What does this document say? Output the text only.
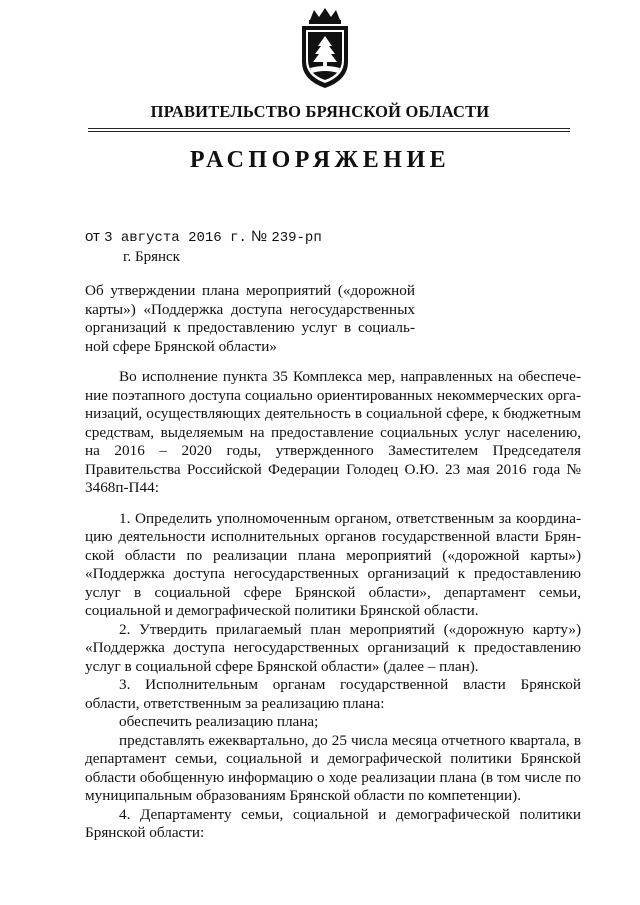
ПРАВИТЕЛЬСТВО БРЯНСКОЙ ОБЛАСТИ
РАСПОРЯЖЕНИЕ
от 3 августа 2016 г. № 239-рп
г. Брянск
Об утверждении плана мероприятий («дорожной карты») «Поддержка доступа негосударственных организаций к предоставлению услуг в социальной сфере Брянской области»

Во исполнение пункта 35 Комплекса мер, направленных на обеспечение поэтапного доступа социально ориентированных некоммерческих организаций, осуществляющих деятельность в социальной сфере, к бюджетным средствам, выделяемым на предоставление социальных услуг населению, на 2016 – 2020 годы, утвержденного Заместителем Председателя Правительства Российской Федерации Голодец О.Ю. 23 мая 2016 года № 3468п-П44:

1. Определить уполномоченным органом, ответственным за координацию деятельности исполнительных органов государственной власти Брянской области по реализации плана мероприятий («дорожной карты») «Поддержка доступа негосударственных организаций к предоставлению услуг в социальной сфере Брянской области», департамент семьи, социальной и демографической политики Брянской области.

2. Утвердить прилагаемый план мероприятий («дорожную карту») «Поддержка доступа негосударственных организаций к предоставлению услуг в социальной сфере Брянской области» (далее – план).

3. Исполнительным органам государственной власти Брянской области, ответственным за реализацию плана:

обеспечить реализацию плана;

представлять ежеквартально, до 25 числа месяца отчетного квартала, в департамент семьи, социальной и демографической политики Брянской области обобщенную информацию о ходе реализации плана (в том числе по муниципальным образованиям Брянской области по компетенции).

4. Департаменту семьи, социальной и демографической политики Брянской области:
